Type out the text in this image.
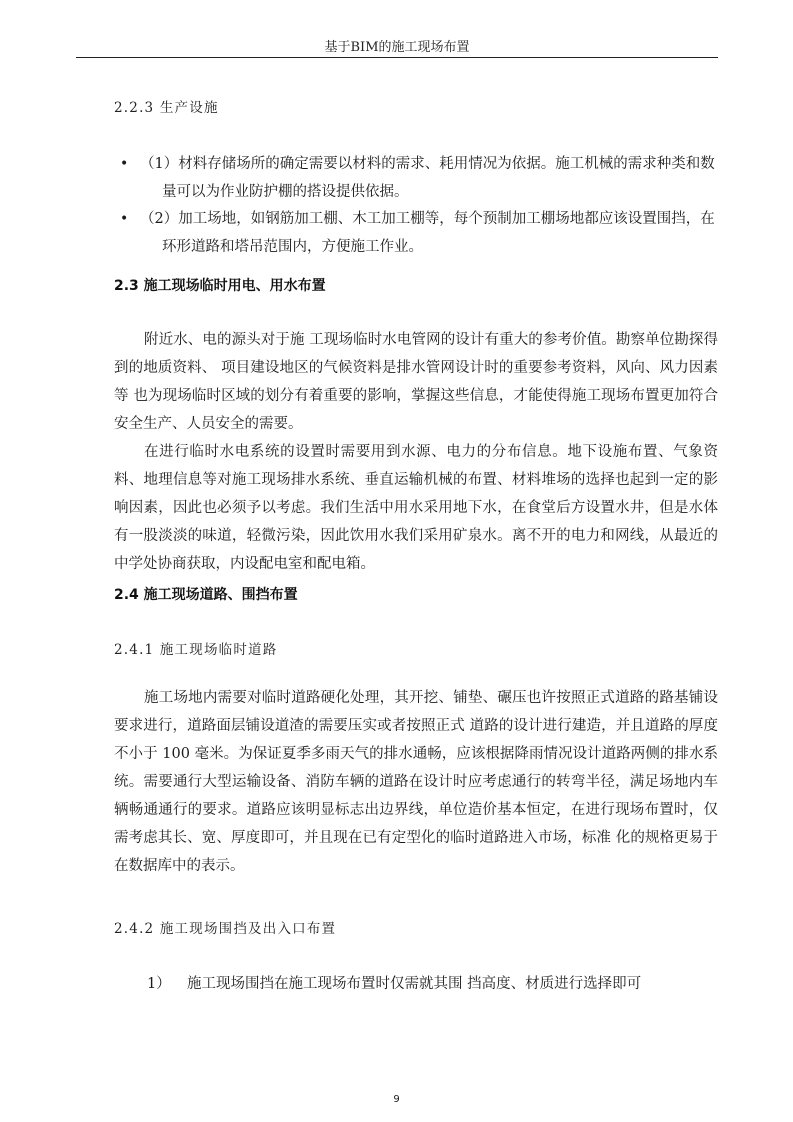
基于BIM的施工现场布置
2.2.3 生产设施
• （1）材料存储场所的确定需要以材料的需求、耗用情况为依据。施工机械的需求种类和数 量可以为作业防护棚的搭设提供依据。
• （2）加工场地，如钢筋加工棚、木工加工棚等，每个预制加工棚场地都应该设置围挡，在环形道路和塔吊范围内，方便施工作业。
2.3 施工现场临时用电、用水布置

附近水、电的源头对于施 工现场临时水电管网的设计有重大的参考价值。勘察单位勘探得到的地质资料、 项目建设地区的气候资料是排水管网设计时的重要参考资料，风向、风力因素等 也为现场临时区域的划分有着重要的影响，掌握这些信息，才能使得施工现场布置更加符合安全生产、人员安全的需要。

在进行临时水电系统的设置时需要用到水源、电力的分布信息。地下设施布置、气象资料、地理信息等对施工现场排水系统、垂直运输机械的布置、材料堆场的选择也起到一定的影响因素，因此也必须予以考虑。我们生活中用水采用地下水，在食堂后方设置水井，但是水体有一股淡淡的味道，轻微污染，因此饮用水我们采用矿泉水。离不开的电力和网线，从最近的中学处协商获取，内设配电室和配电箱。

2.4 施工现场道路、围挡布置
2.4.1 施工现场临时道路

施工场地内需要对临时道路硬化处理，其开挖、铺垫、碾压也许按照正式道路的路基铺设要求进行，道路面层铺设道渣的需要压实或者按照正式 道路的设计进行建造，并且道路的厚度不小于 100 毫米。为保证夏季多雨天气的排水通畅，应该根据降雨情况设计道路两侧的排水系统。需要通行大型运输设备、消防车辆的道路在设计时应考虑通行的转弯半径，满足场地内车辆畅通通行的要求。道路应该明显标志出边界线，单位造价基本恒定，在进行现场布置时，仅需考虑其长、宽、厚度即可，并且现在已有定型化的临时道路进入市场，标准 化的规格更易于在数据库中的表示。

2.4.2 施工现场围挡及出入口布置
1） 施工现场围挡在施工现场布置时仅需就其围 挡高度、材质进行选择即可
9
